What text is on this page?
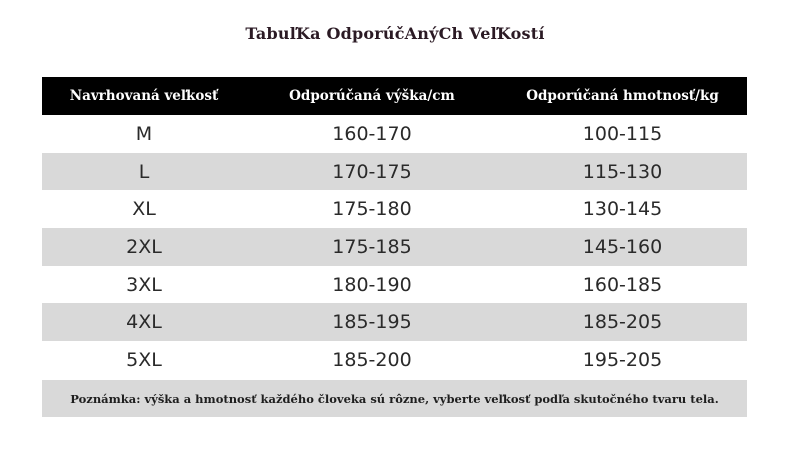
TabuľKa OdporúčAnýCh VeľKostí
Navrhovaná veľkosť	Odporúčaná výška/cm	Odporúčaná hmotnosť/kg
M	160-170	100-115
L	170-175	115-130
XL	175-180	130-145
2XL	175-185	145-160
3XL	180-190	160-185
4XL	185-195	185-205
5XL	185-200	195-205
Poznámka: výška a hmotnosť každého človeka sú rôzne, vyberte veľkosť podľa skutočného tvaru tela.
